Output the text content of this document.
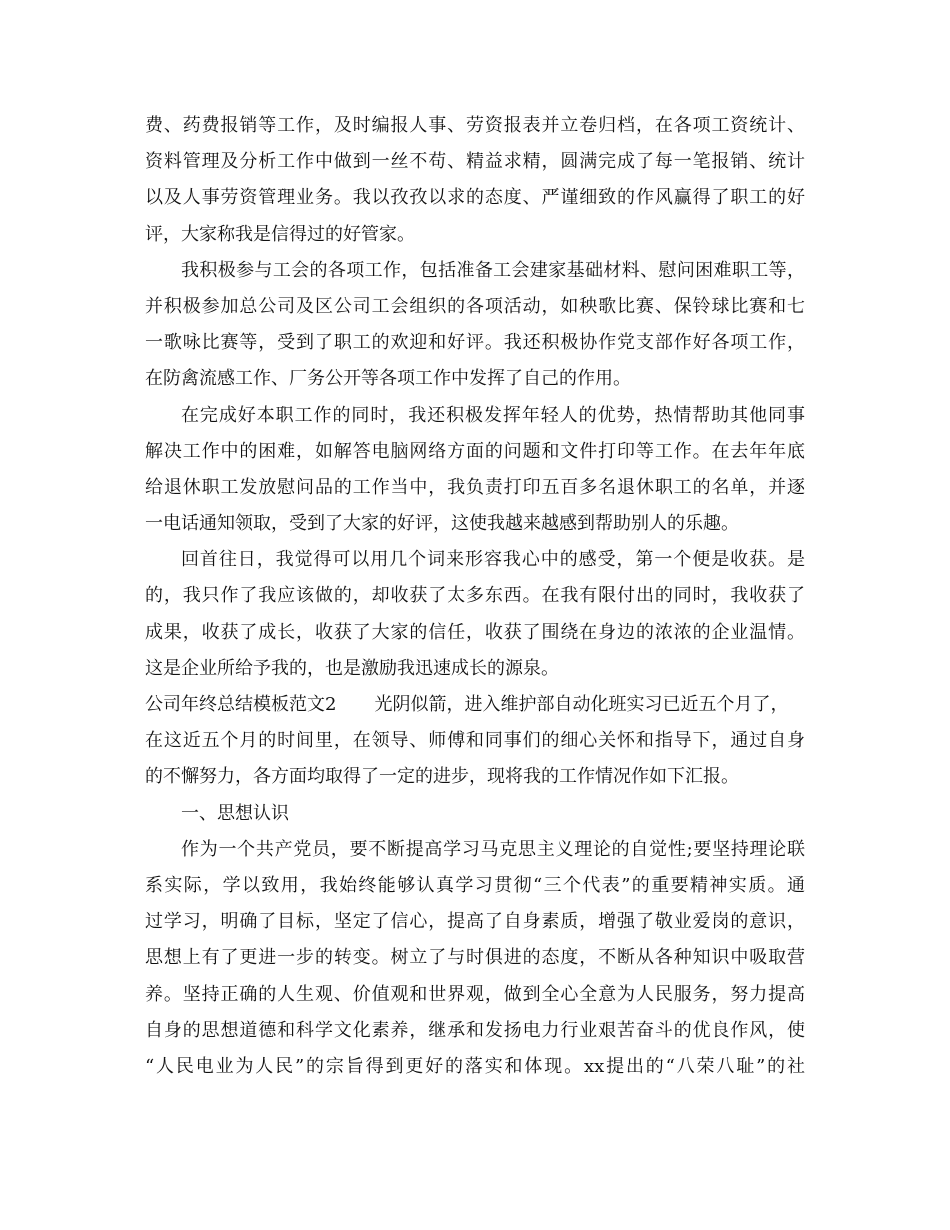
费、药费报销等工作，及时编报人事、劳资报表并立卷归档，在各项工资统计、
资料管理及分析工作中做到一丝不苟、精益求精，圆满完成了每一笔报销、统计
以及人事劳资管理业务。我以孜孜以求的态度、严谨细致的作风赢得了职工的好
评，大家称我是信得过的好管家。
我积极参与工会的各项工作，包括准备工会建家基础材料、慰问困难职工等，
并积极参加总公司及区公司工会组织的各项活动，如秧歌比赛、保铃球比赛和七
一歌咏比赛等，受到了职工的欢迎和好评。我还积极协作党支部作好各项工作，
在防禽流感工作、厂务公开等各项工作中发挥了自己的作用。
在完成好本职工作的同时，我还积极发挥年轻人的优势，热情帮助其他同事
解决工作中的困难，如解答电脑网络方面的问题和文件打印等工作。在去年年底
给退休职工发放慰问品的工作当中，我负责打印五百多名退休职工的名单，并逐
一电话通知领取，受到了大家的好评，这使我越来越感到帮助别人的乐趣。
回首往日，我觉得可以用几个词来形容我心中的感受，第一个便是收获。是
的，我只作了我应该做的，却收获了太多东西。在我有限付出的同时，我收获了
成果，收获了成长，收获了大家的信任，收获了围绕在身边的浓浓的企业温情。
这是企业所给予我的，也是激励我迅速成长的源泉。
公司年终总结模板范文2 光阴似箭，进入维护部自动化班实习已近五个月了，
在这近五个月的时间里，在领导、师傅和同事们的细心关怀和指导下，通过自身
的不懈努力，各方面均取得了一定的进步，现将我的工作情况作如下汇报。
一、思想认识
作为一个共产党员，要不断提高学习马克思主义理论的自觉性;要坚持理论联
系实际，学以致用，我始终能够认真学习贯彻“三个代表”的重要精神实质。通
过学习，明确了目标，坚定了信心，提高了自身素质，增强了敬业爱岗的意识，
思想上有了更进一步的转变。树立了与时俱进的态度，不断从各种知识中吸取营
养。坚持正确的人生观、价值观和世界观，做到全心全意为人民服务，努力提高
自身的思想道德和科学文化素养，继承和发扬电力行业艰苦奋斗的优良作风，使
“人民电业为人民”的宗旨得到更好的落实和体现。xx提出的“八荣八耻”的社
